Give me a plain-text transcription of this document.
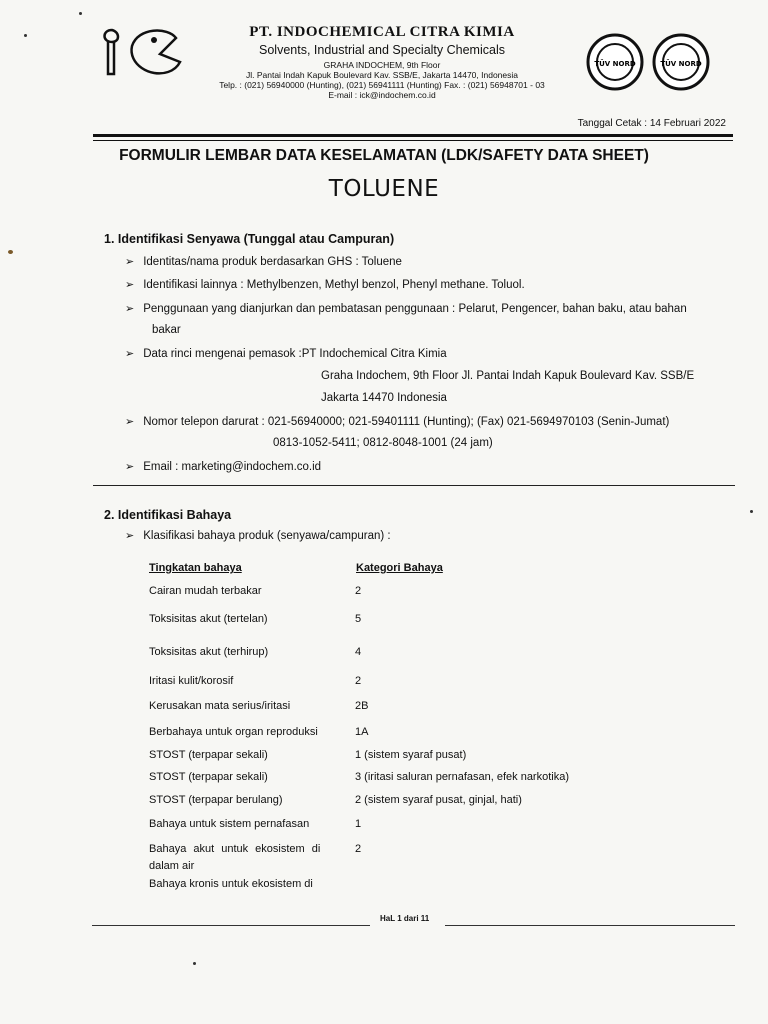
PT. INDOCHEMICAL CITRA KIMIA
Solvents, Industrial and Specialty Chemicals
GRAHA INDOCHEM, 9th Floor
Jl. Pantai Indah Kapuk Boulevard Kav. SSB/E, Jakarta 14470, Indonesia
Telp. : (021) 56940000 (Hunting), (021) 56941111 (Hunting) Fax. : (021) 56948701 - 03
E-mail : ick@indochem.co.id
TÜV NORD	TÜV NORD
Tanggal Cetak : 14 Februari 2022
FORMULIR LEMBAR DATA KESELAMATAN (LDK/SAFETY DATA SHEET)
TOLUENE
1. Identifikasi Senyawa (Tunggal atau Campuran)
➢ Identitas/nama produk berdasarkan GHS : Toluene
➢ Identifikasi lainnya : Methylbenzen, Methyl benzol, Phenyl methane. Toluol.
➢ Penggunaan yang dianjurkan dan pembatasan penggunaan : Pelarut, Pengencer, bahan baku, atau bahan
bakar
➢ Data rinci mengenai pemasok :PT Indochemical Citra Kimia
Graha Indochem, 9th Floor Jl. Pantai Indah Kapuk Boulevard Kav. SSB/E
Jakarta 14470 Indonesia
➢ Nomor telepon darurat : 021-56940000; 021-59401111 (Hunting); (Fax) 021-5694970103 (Senin-Jumat)
0813-1052-5411; 0812-8048-1001 (24 jam)
➢ Email : marketing@indochem.co.id
2. Identifikasi Bahaya
➢ Klasifikasi bahaya produk (senyawa/campuran) :
Tingkatan bahaya	Kategori Bahaya
Cairan mudah terbakar	2
Toksisitas akut (tertelan)	5
Toksisitas akut (terhirup)	4
Iritasi kulit/korosif	2
Kerusakan mata serius/iritasi	2B
Berbahaya untuk organ reproduksi	1A
STOST (terpapar sekali)	1 (sistem syaraf pusat)
STOST (terpapar sekali)	3 (iritasi saluran pernafasan, efek narkotika)
STOST (terpapar berulang)	2 (sistem syaraf pusat, ginjal, hati)
Bahaya untuk sistem pernafasan	1
Bahaya akut untuk ekosistem di	2
dalam air
Bahaya kronis untuk ekosistem di
HaL 1 dari 11
